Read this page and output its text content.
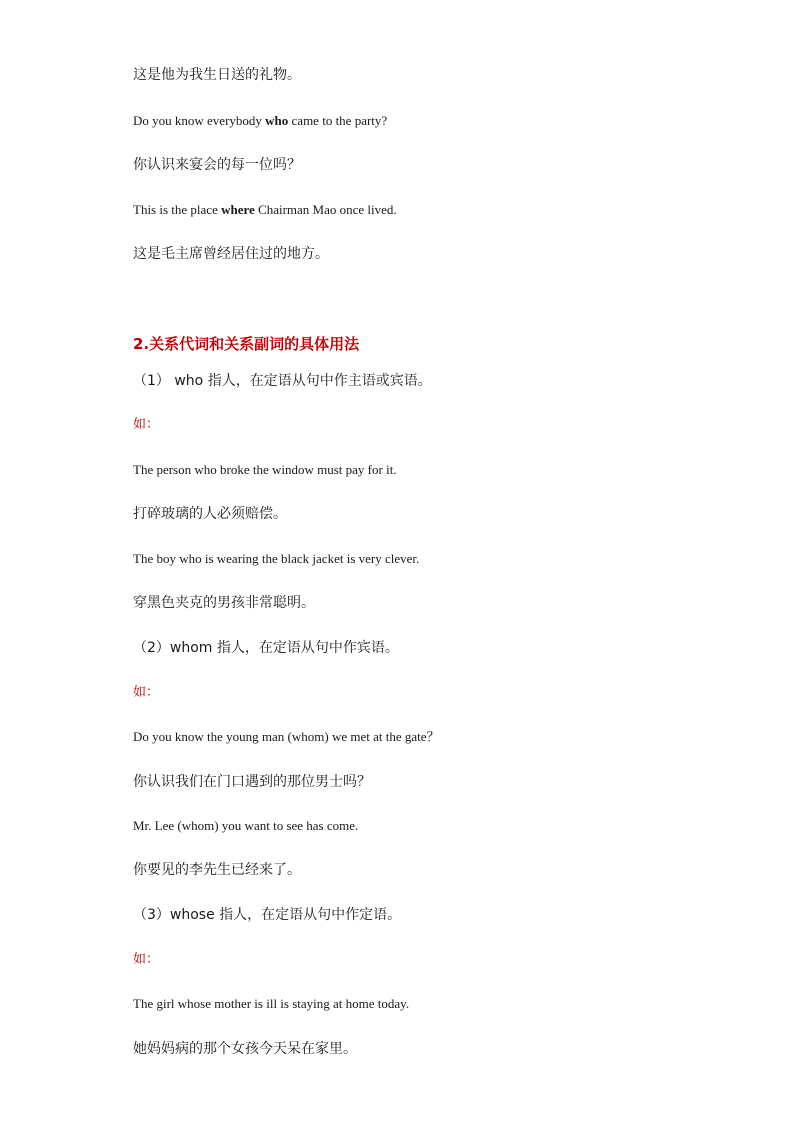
这是他为我生日送的礼物。

Do you know everybody who came to the party?

你认识来宴会的每一位吗？

This is the place where Chairman Mao once lived.

这是毛主席曾经居住过的地方。

2.关系代词和关系副词的具体用法

（1） who 指人，在定语从句中作主语或宾语。

如：

The person who broke the window must pay for it.

打碎玻璃的人必须赔偿。

The boy who is wearing the black jacket is very clever.

穿黑色夹克的男孩非常聪明。

（2）whom 指人，在定语从句中作宾语。

如：

Do you know the young man (whom) we met at the gate？

你认识我们在门口遇到的那位男士吗？

Mr. Lee (whom) you want to see has come.

你要见的李先生已经来了。

（3）whose 指人，在定语从句中作定语。

如：

The girl whose mother is ill is staying at home today.

她妈妈病的那个女孩今天呆在家里。
